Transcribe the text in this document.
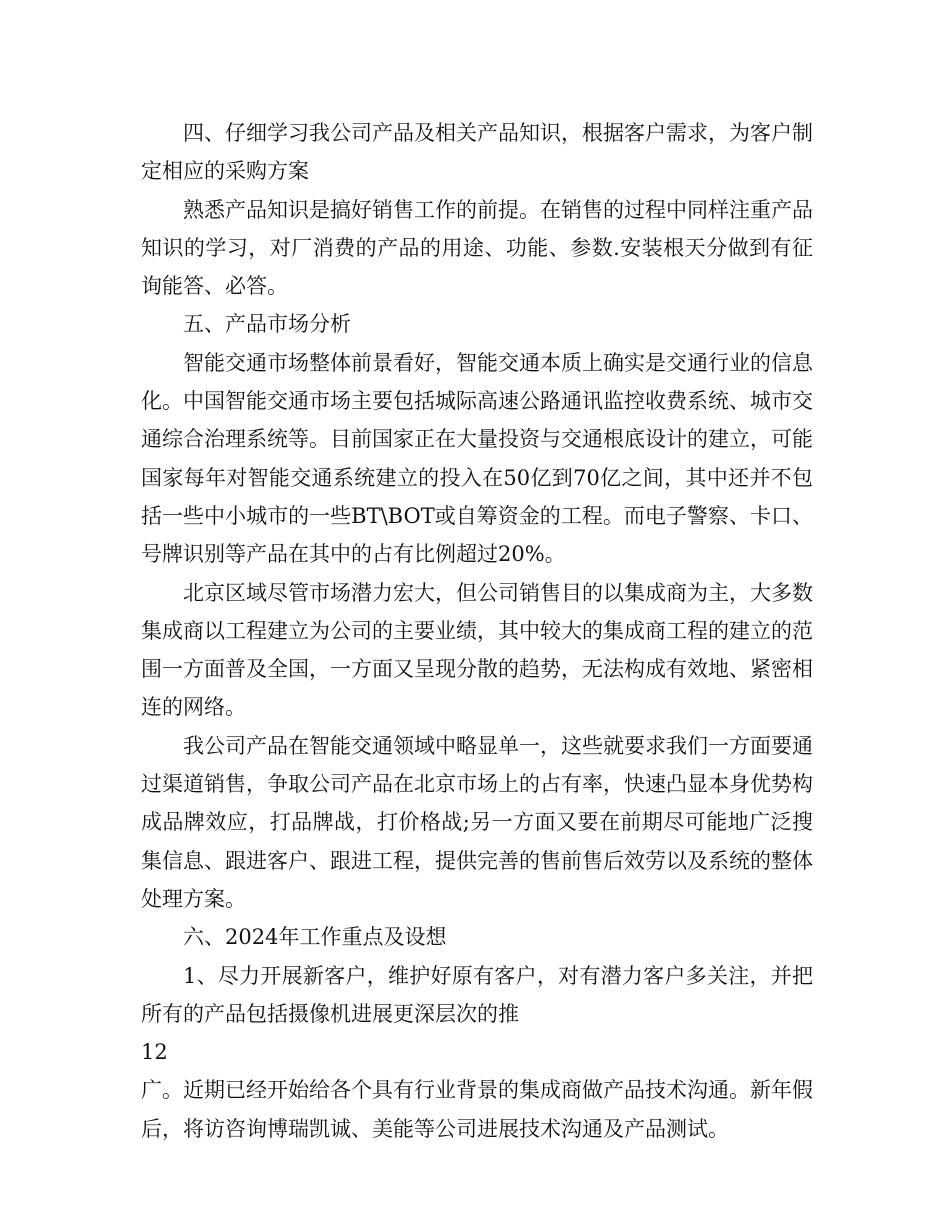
四、仔细学习我公司产品及相关产品知识，根据客户需求，为客户制定相应的采购方案

熟悉产品知识是搞好销售工作的前提。在销售的过程中同样注重产品知识的学习，对厂消费的产品的用途、功能、参数.安装根天分做到有征询能答、必答。

五、产品市场分析

智能交通市场整体前景看好，智能交通本质上确实是交通行业的信息化。中国智能交通市场主要包括城际高速公路通讯监控收费系统、城市交通综合治理系统等。目前国家正在大量投资与交通根底设计的建立，可能国家每年对智能交通系统建立的投入在50亿到70亿之间，其中还并不包括一些中小城市的一些BT\BOT或自筹资金的工程。而电子警察、卡口、号牌识别等产品在其中的占有比例超过20%。

北京区域尽管市场潜力宏大，但公司销售目的以集成商为主，大多数集成商以工程建立为公司的主要业绩，其中较大的集成商工程的建立的范围一方面普及全国，一方面又呈现分散的趋势，无法构成有效地、紧密相连的网络。

我公司产品在智能交通领域中略显单一，这些就要求我们一方面要通过渠道销售，争取公司产品在北京市场上的占有率，快速凸显本身优势构成品牌效应，打品牌战，打价格战;另一方面又要在前期尽可能地广泛搜集信息、跟进客户、跟进工程，提供完善的售前售后效劳以及系统的整体处理方案。

六、2024年工作重点及设想

1、尽力开展新客户，维护好原有客户，对有潜力客户多关注，并把所有的产品包括摄像机进展更深层次的推

12

广。近期已经开始给各个具有行业背景的集成商做产品技术沟通。新年假后，将访咨询博瑞凯诚、美能等公司进展技术沟通及产品测试。
